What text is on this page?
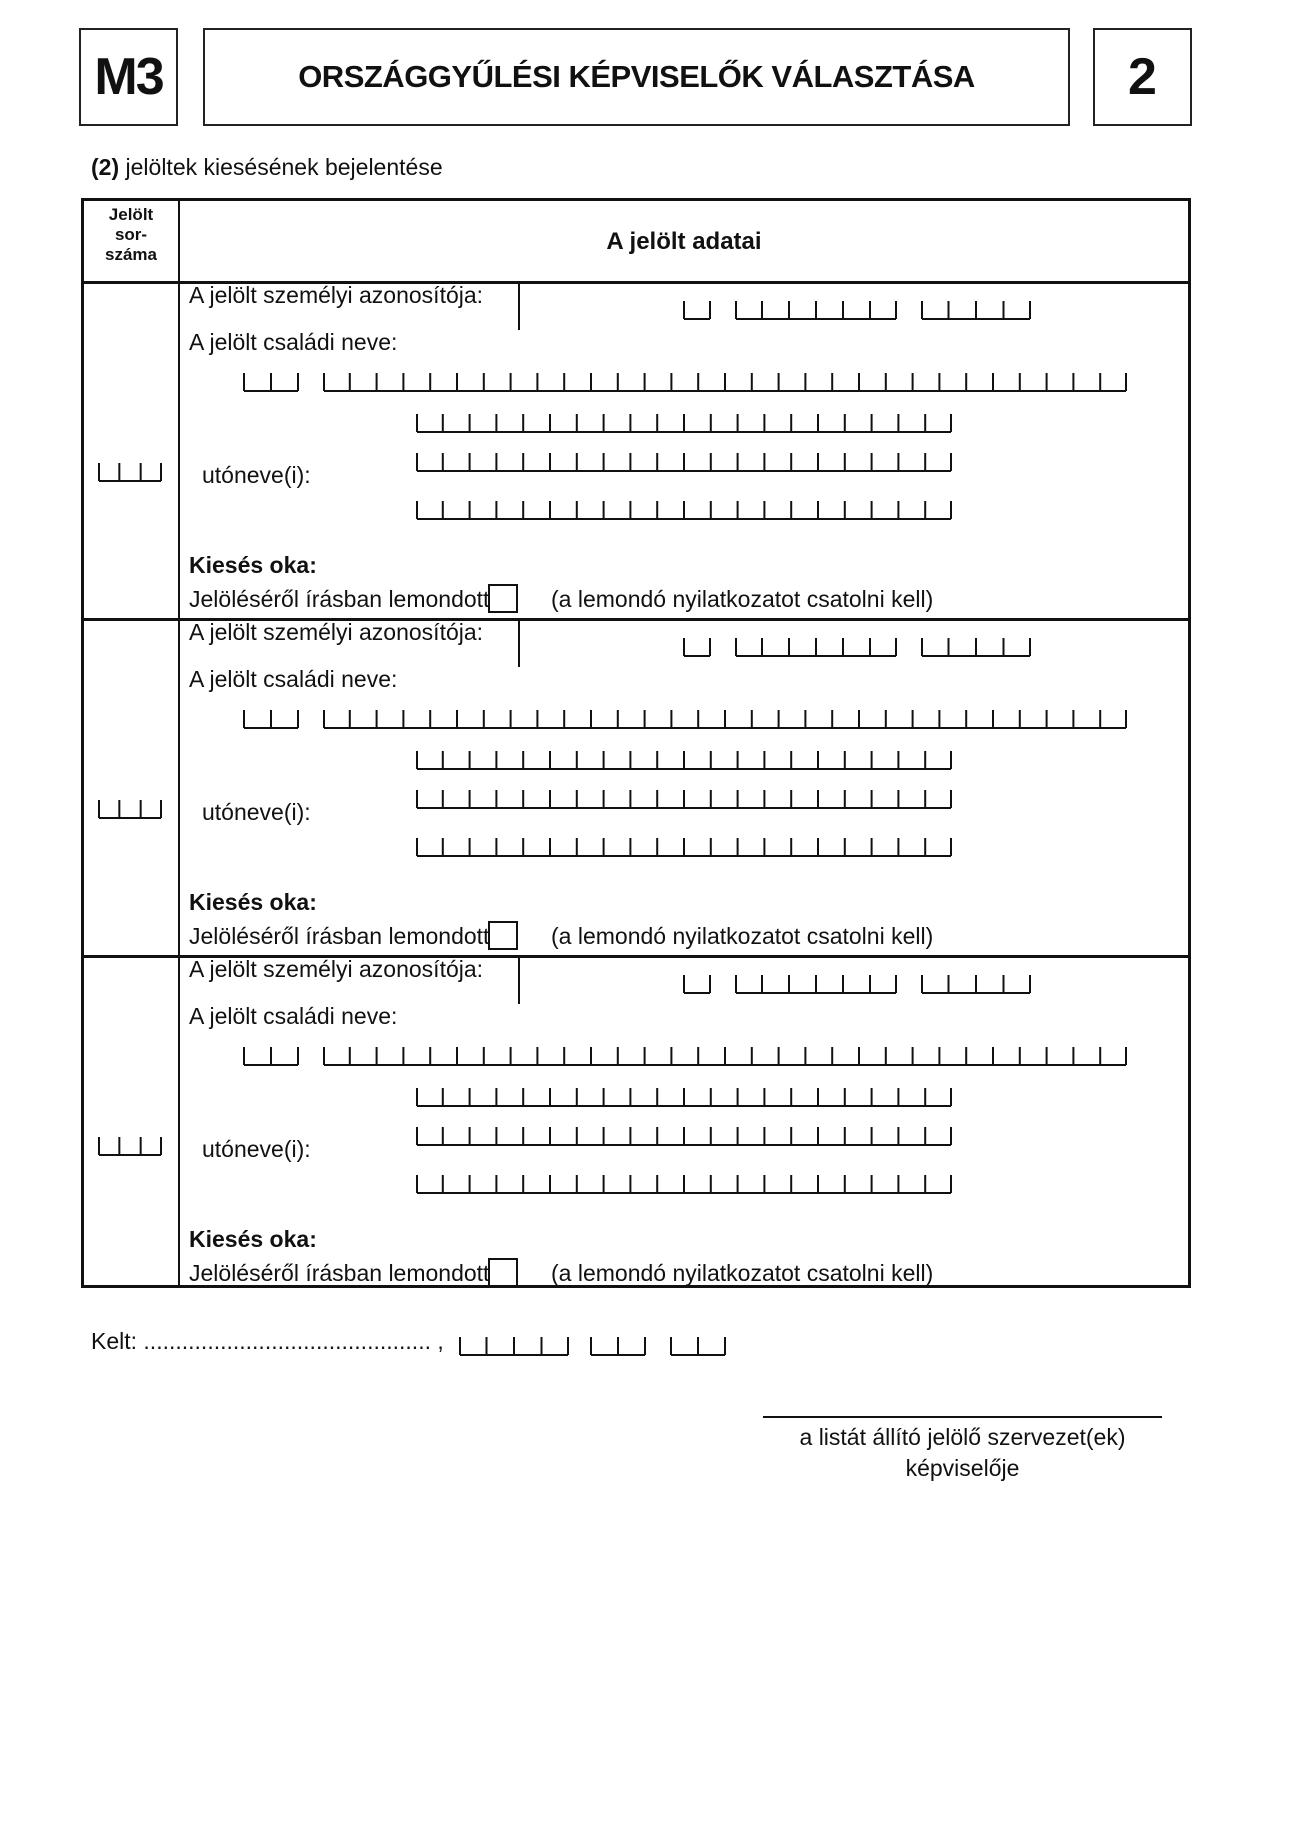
M3	ORSZÁGGYŰLÉSI KÉPVISELŐK VÁLASZTÁSA	2
(2) jelöltek kiesésének bejelentése
Jelölt
sor-
száma	A jelölt adatai
A jelölt személyi azonosítója:
A jelölt családi neve:
utóneve(i):
Kiesés oka:
Jelöléséről írásban lemondott	(a lemondó nyilatkozatot csatolni kell)
A jelölt személyi azonosítója:
A jelölt családi neve:
utóneve(i):
Kiesés oka:
Jelöléséről írásban lemondott	(a lemondó nyilatkozatot csatolni kell)
A jelölt személyi azonosítója:
A jelölt családi neve:
utóneve(i):
Kiesés oka:
Jelöléséről írásban lemondott	(a lemondó nyilatkozatot csatolni kell)
Kelt: ............................................. ,
a listát állító jelölő szervezet(ek)
képviselője
